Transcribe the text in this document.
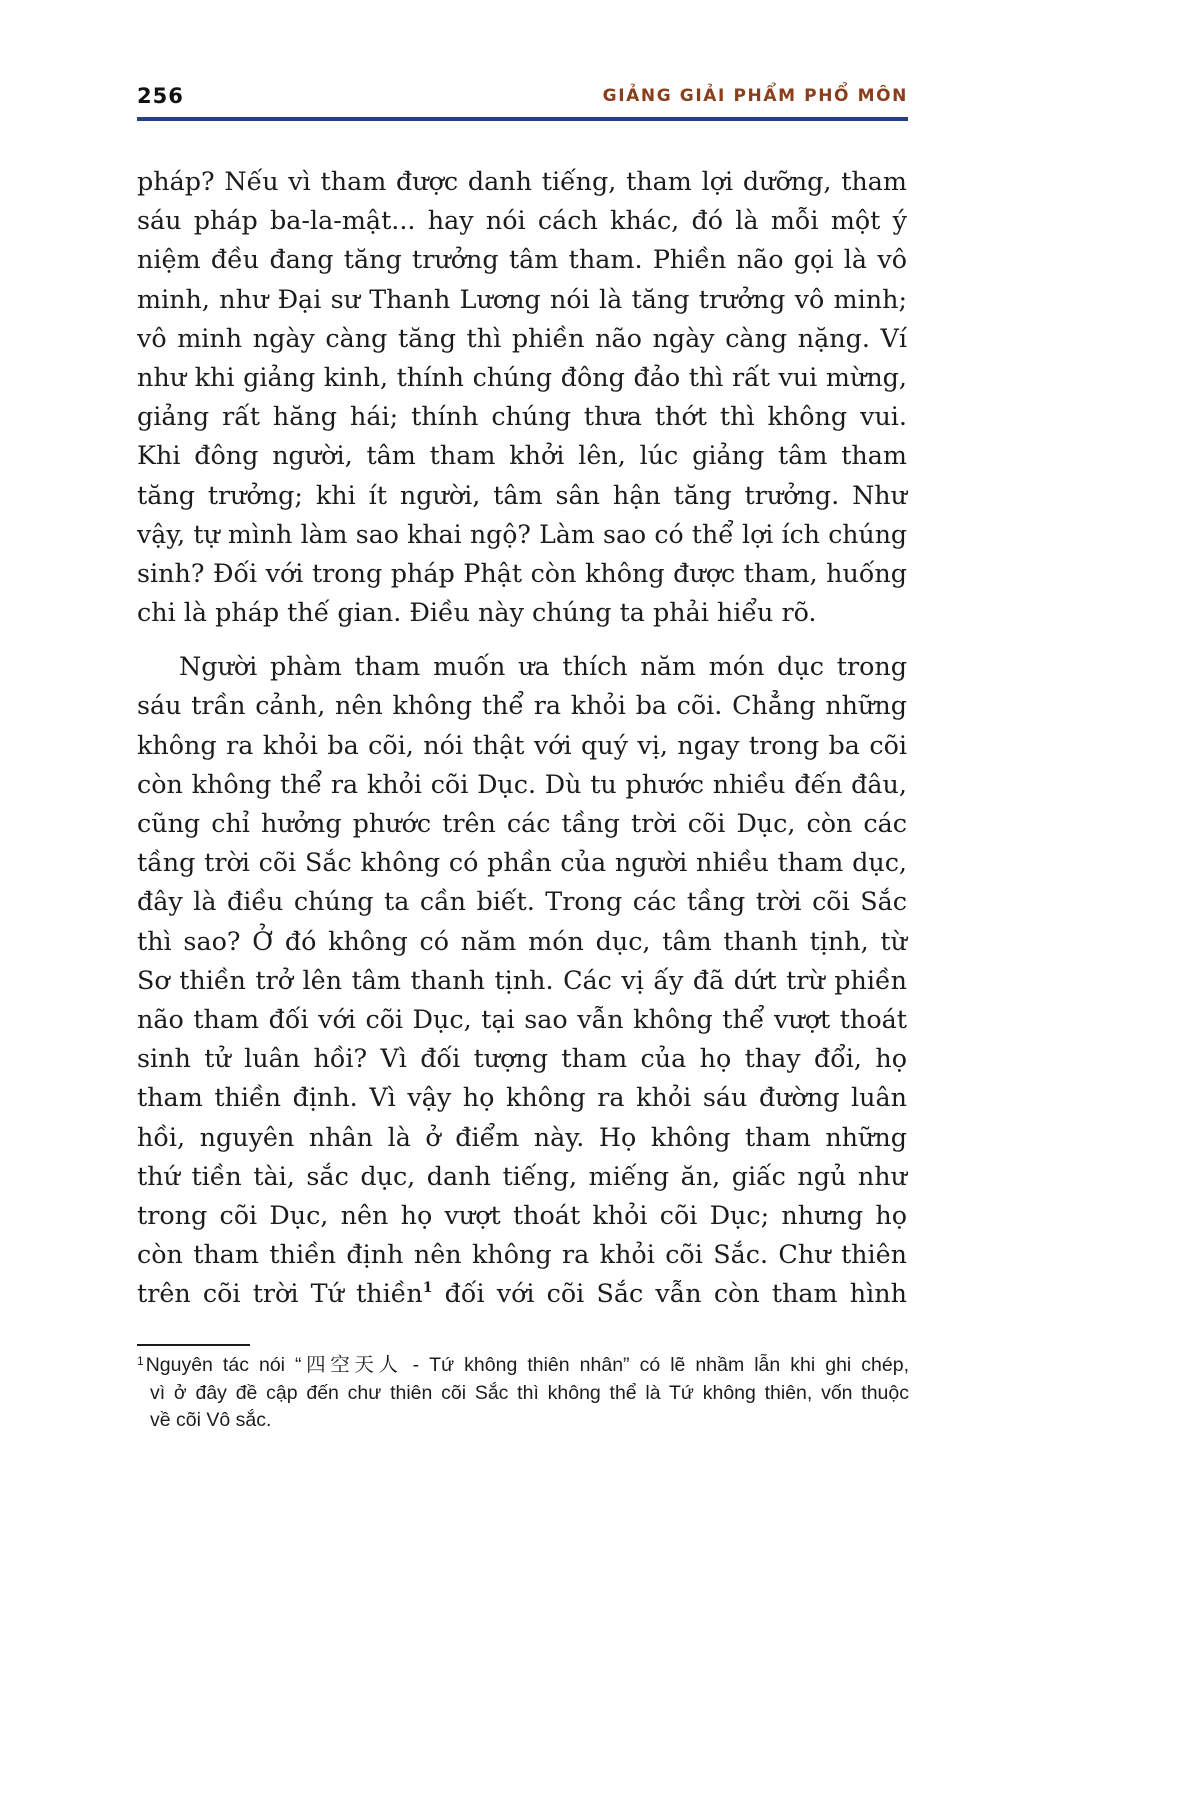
256	GIẢNG GIẢI PHẨM PHỔ MÔN
pháp? Nếu vì tham được danh tiếng, tham lợi dưỡng, tham
sáu pháp ba-la-mật... hay nói cách khác, đó là mỗi một ý
niệm đều đang tăng trưởng tâm tham. Phiền não gọi là vô
minh, như Đại sư Thanh Lương nói là tăng trưởng vô minh;
vô minh ngày càng tăng thì phiền não ngày càng nặng. Ví
như khi giảng kinh, thính chúng đông đảo thì rất vui mừng,
giảng rất hăng hái; thính chúng thưa thớt thì không vui.
Khi đông người, tâm tham khởi lên, lúc giảng tâm tham
tăng trưởng; khi ít người, tâm sân hận tăng trưởng. Như
vậy, tự mình làm sao khai ngộ? Làm sao có thể lợi ích chúng
sinh? Đối với trong pháp Phật còn không được tham, huống
chi là pháp thế gian. Điều này chúng ta phải hiểu rõ.
Người phàm tham muốn ưa thích năm món dục trong
sáu trần cảnh, nên không thể ra khỏi ba cõi. Chẳng những
không ra khỏi ba cõi, nói thật với quý vị, ngay trong ba cõi
còn không thể ra khỏi cõi Dục. Dù tu phước nhiều đến đâu,
cũng chỉ hưởng phước trên các tầng trời cõi Dục, còn các
tầng trời cõi Sắc không có phần của người nhiều tham dục,
đây là điều chúng ta cần biết. Trong các tầng trời cõi Sắc
thì sao? Ở đó không có năm món dục, tâm thanh tịnh, từ
Sơ thiền trở lên tâm thanh tịnh. Các vị ấy đã dứt trừ phiền
não tham đối với cõi Dục, tại sao vẫn không thể vượt thoát
sinh tử luân hồi? Vì đối tượng tham của họ thay đổi, họ
tham thiền định. Vì vậy họ không ra khỏi sáu đường luân
hồi, nguyên nhân là ở điểm này. Họ không tham những
thứ tiền tài, sắc dục, danh tiếng, miếng ăn, giấc ngủ như
trong cõi Dục, nên họ vượt thoát khỏi cõi Dục; nhưng họ
còn tham thiền định nên không ra khỏi cõi Sắc. Chư thiên
trên cõi trời Tứ thiền$^1$ đối với cõi Sắc vẫn còn tham hình
$^1$ Nguyên tác nói “四空天人 - Tứ không thiên nhân” có lẽ nhầm lẫn khi ghi chép,
vì ở đây đề cập đến chư thiên cõi Sắc thì không thể là Tứ không thiên, vốn thuộc
về cõi Vô sắc.
